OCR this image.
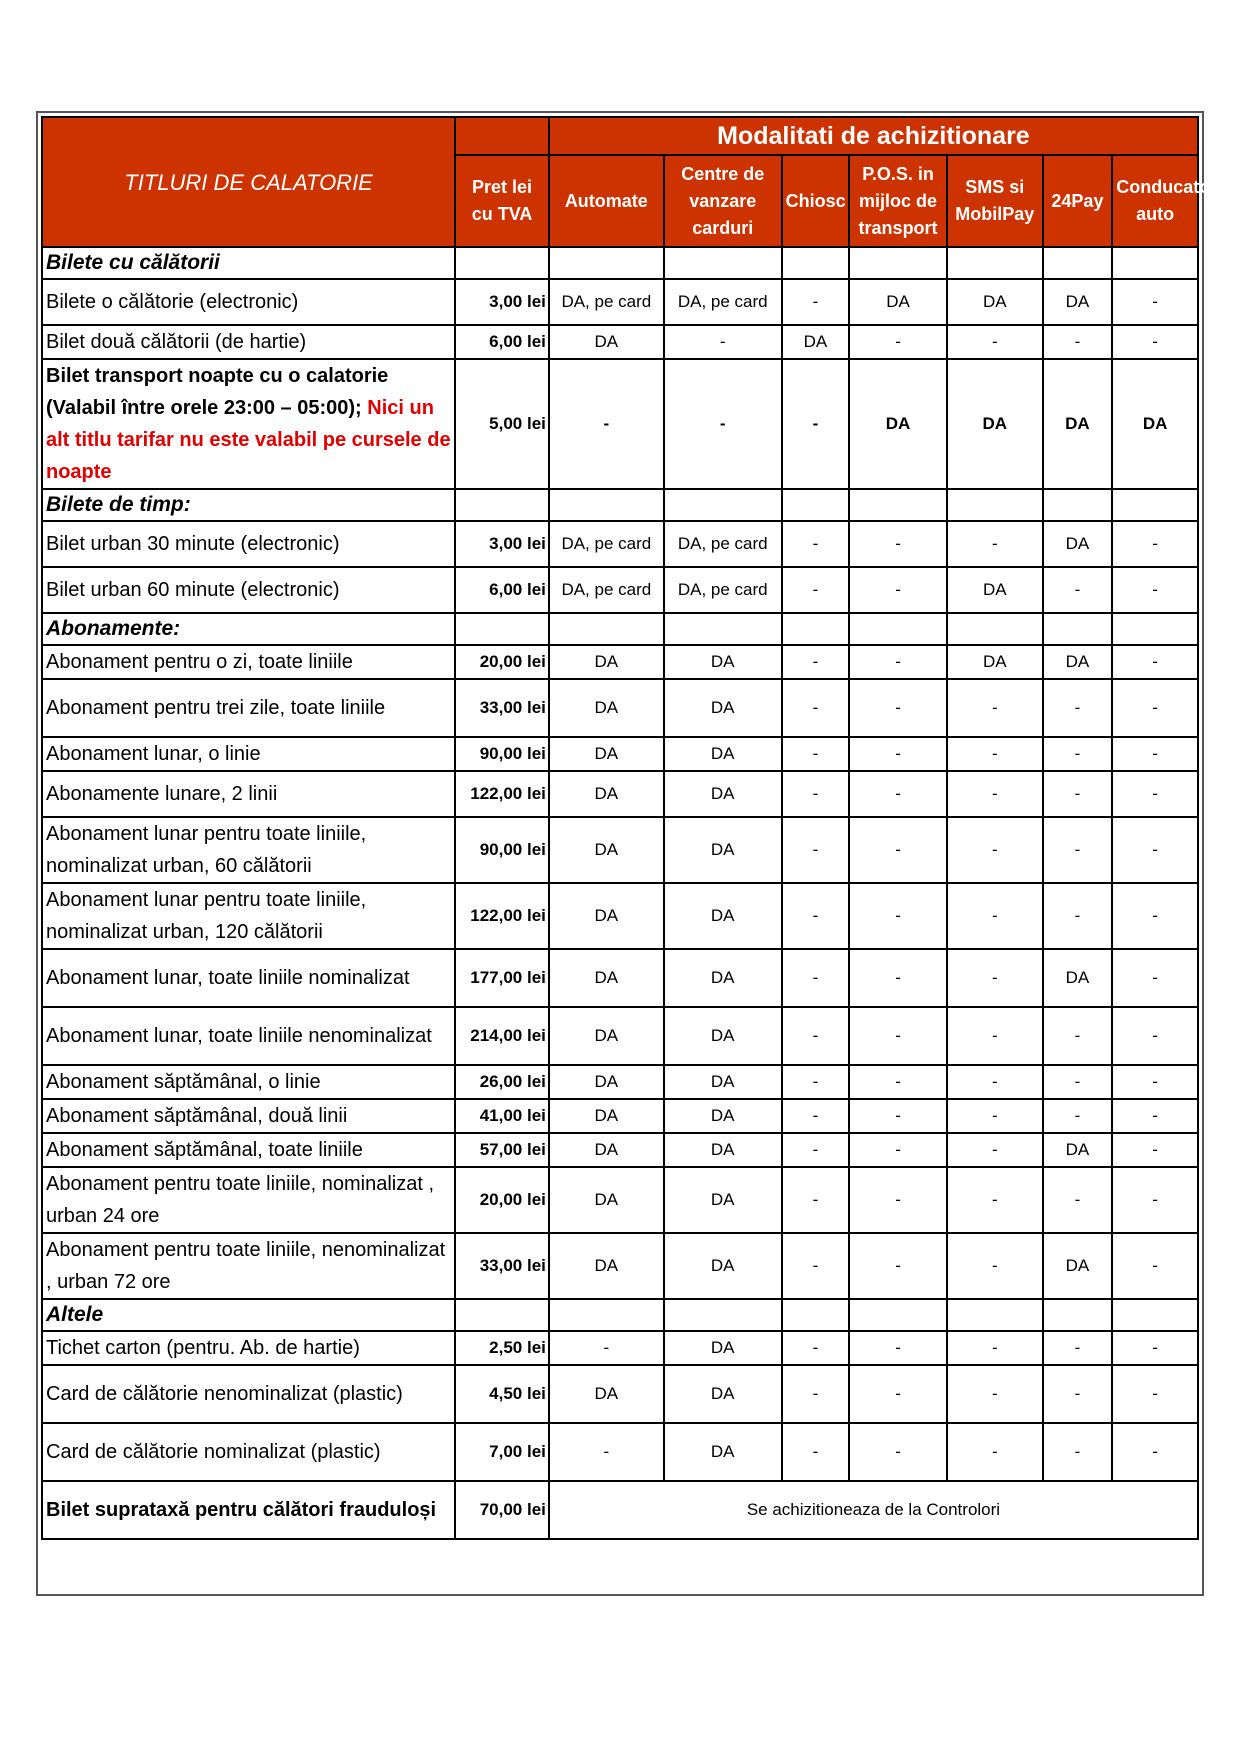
TITLURI DE CALATORIE		Modalitati de achizitionare						
	Pret lei cu TVA	Automate	Centre de vanzare carduri	Chiosc	P.O.S. in mijloc de transport	SMS si MobilPay	24Pay	Conducator auto
Bilete cu călătorii								
Bilete o călătorie (electronic)	3,00 lei	DA, pe card	DA, pe card	-	DA	DA	DA	-
Bilet două călătorii (de hartie)	6,00 lei	DA	-	DA	-	-	-	-
Bilet transport noapte cu o calatorie (Valabil între orele 23:00 – 05:00); Nici un alt titlu tarifar nu este valabil pe cursele de noapte	5,00 lei	-	-	-	DA	DA	DA	DA
Bilete de timp:								
Bilet urban 30 minute (electronic)	3,00 lei	DA, pe card	DA, pe card	-	-	-	DA	-
Bilet urban 60 minute (electronic)	6,00 lei	DA, pe card	DA, pe card	-	-	DA	-	-
Abonamente:								
Abonament pentru o zi, toate liniile	20,00 lei	DA	DA	-	-	DA	DA	-
Abonament pentru trei zile, toate liniile	33,00 lei	DA	DA	-	-	-	-	-
Abonament lunar, o linie	90,00 lei	DA	DA	-	-	-	-	-
Abonamente lunare, 2 linii	122,00 lei	DA	DA	-	-	-	-	-
Abonament lunar pentru toate liniile, nominalizat urban, 60 călătorii	90,00 lei	DA	DA	-	-	-	-	-
Abonament lunar pentru toate liniile, nominalizat urban, 120 călătorii	122,00 lei	DA	DA	-	-	-	-	-
Abonament lunar, toate liniile nominalizat	177,00 lei	DA	DA	-	-	-	DA	-
Abonament lunar, toate liniile nenominalizat	214,00 lei	DA	DA	-	-	-	-	-
Abonament săptămânal, o linie	26,00 lei	DA	DA	-	-	-	-	-
Abonament săptămânal, două linii	41,00 lei	DA	DA	-	-	-	-	-
Abonament săptămânal, toate liniile	57,00 lei	DA	DA	-	-	-	DA	-
Abonament pentru toate liniile, nominalizat , urban 24 ore	20,00 lei	DA	DA	-	-	-	-	-
Abonament pentru toate liniile, nenominalizat , urban 72 ore	33,00 lei	DA	DA	-	-	-	DA	-
Altele								
Tichet carton (pentru. Ab. de hartie)	2,50 lei	-	DA	-	-	-	-	-
Card de călătorie nenominalizat (plastic)	4,50 lei	DA	DA	-	-	-	-	-
Card de călătorie nominalizat (plastic)	7,00 lei	-	DA	-	-	-	-	-
Bilet suprataxă pentru călători frauduloși	70,00 lei	Se achizitioneaza de la Controlori						
